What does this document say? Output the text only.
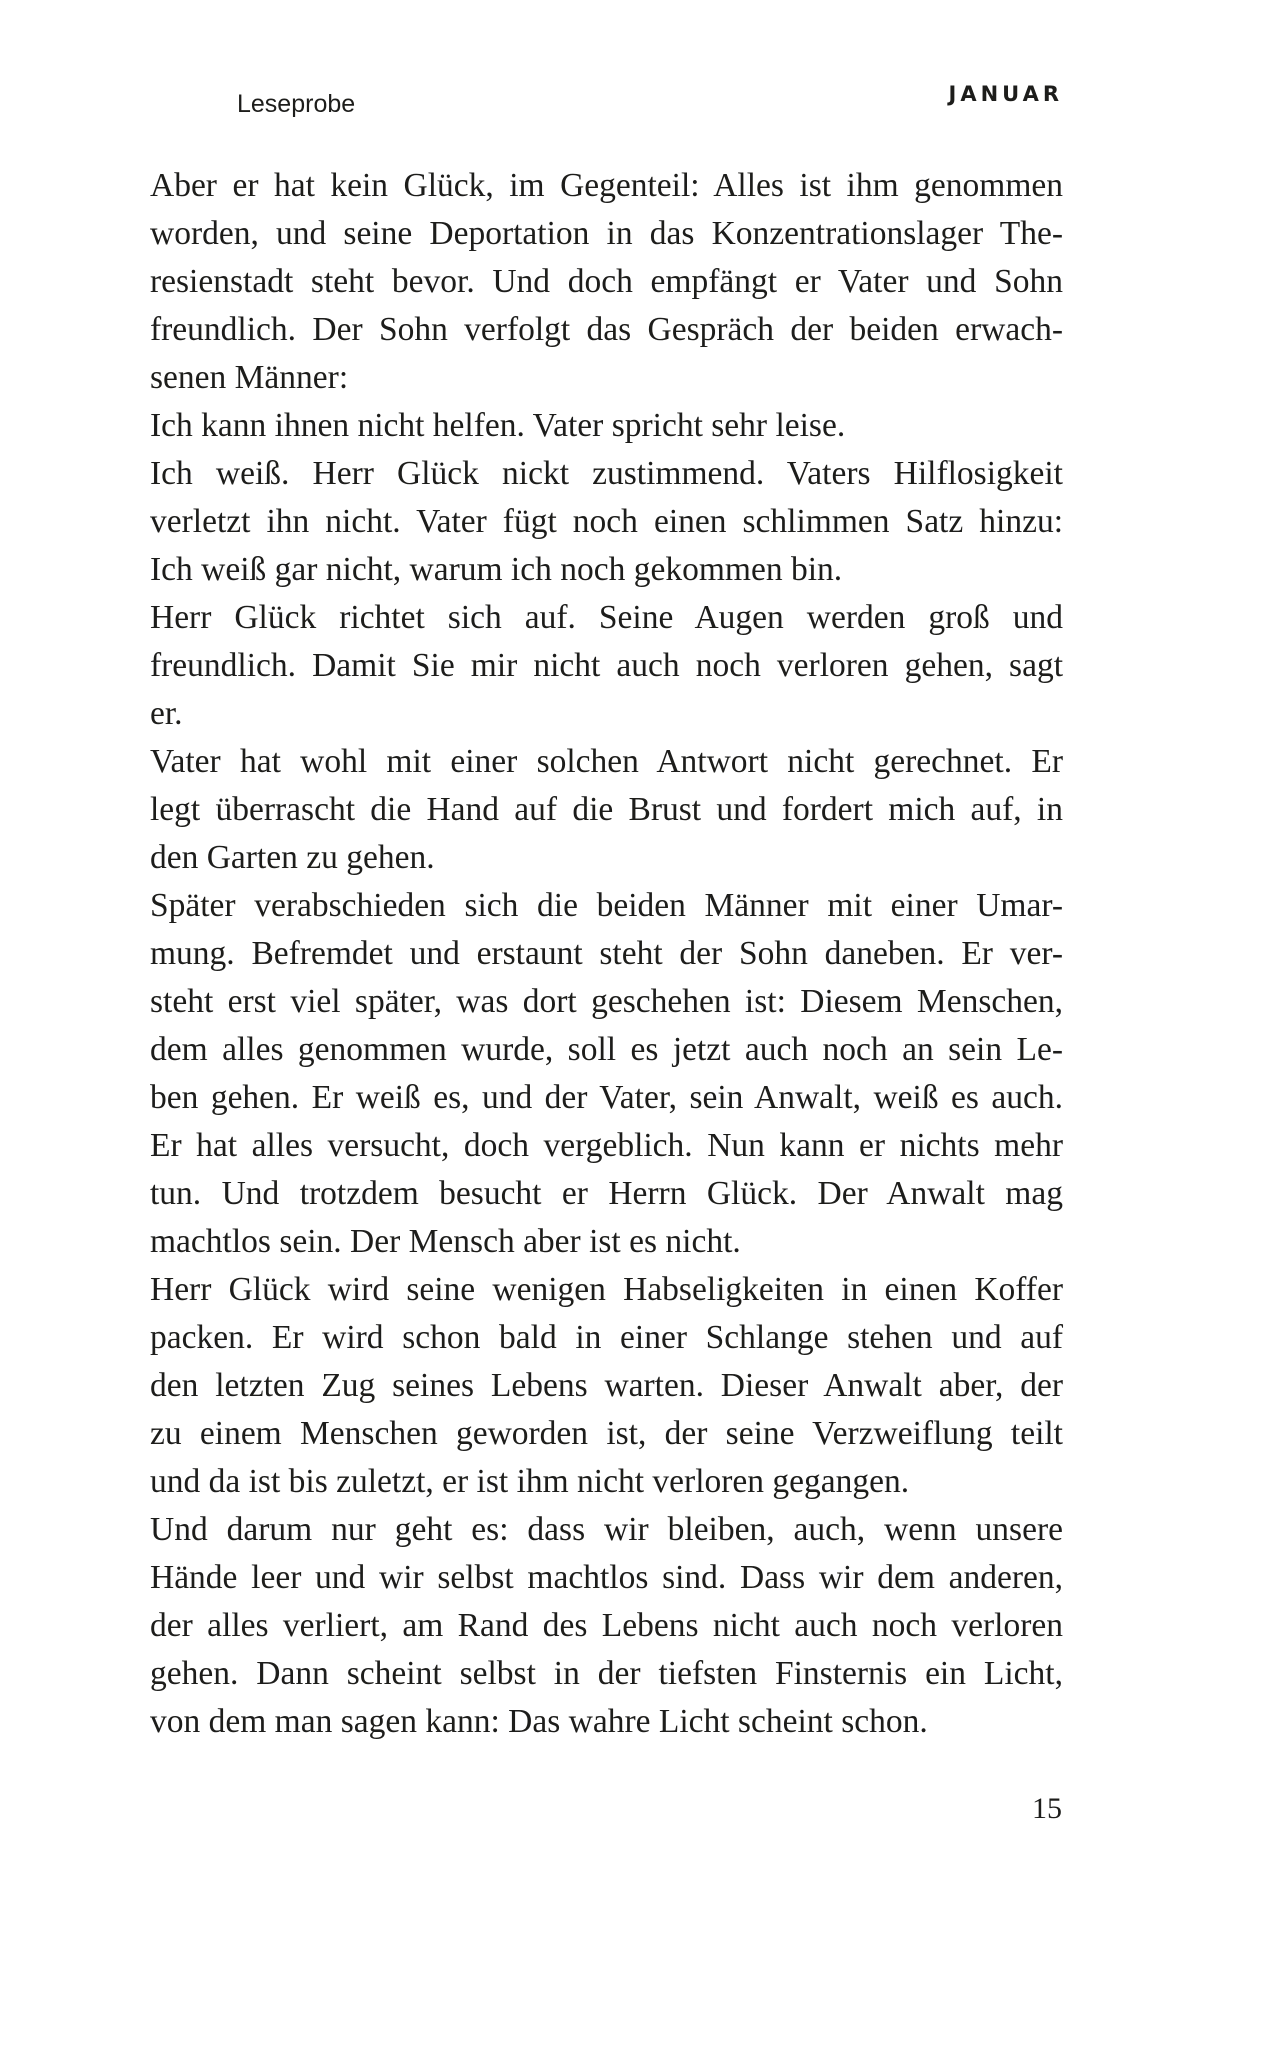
Leseprobe	JANUAR
Aber er hat kein Glück, im Gegenteil: Alles ist ihm genommen
worden, und seine Deportation in das Konzentrationslager The-
resienstadt steht bevor. Und doch empfängt er Vater und Sohn
freundlich. Der Sohn verfolgt das Gespräch der beiden erwach-
senen Männer:
Ich kann ihnen nicht helfen. Vater spricht sehr leise.
Ich weiß. Herr Glück nickt zustimmend. Vaters Hilflosigkeit
verletzt ihn nicht. Vater fügt noch einen schlimmen Satz hinzu:
Ich weiß gar nicht, warum ich noch gekommen bin.
Herr Glück richtet sich auf. Seine Augen werden groß und
freundlich. Damit Sie mir nicht auch noch verloren gehen, sagt
er.
Vater hat wohl mit einer solchen Antwort nicht gerechnet. Er
legt überrascht die Hand auf die Brust und fordert mich auf, in
den Garten zu gehen.
Später verabschieden sich die beiden Männer mit einer Umar-
mung. Befremdet und erstaunt steht der Sohn daneben. Er ver-
steht erst viel später, was dort geschehen ist: Diesem Menschen,
dem alles genommen wurde, soll es jetzt auch noch an sein Le-
ben gehen. Er weiß es, und der Vater, sein Anwalt, weiß es auch.
Er hat alles versucht, doch vergeblich. Nun kann er nichts mehr
tun. Und trotzdem besucht er Herrn Glück. Der Anwalt mag
machtlos sein. Der Mensch aber ist es nicht.
Herr Glück wird seine wenigen Habseligkeiten in einen Koffer
packen. Er wird schon bald in einer Schlange stehen und auf
den letzten Zug seines Lebens warten. Dieser Anwalt aber, der
zu einem Menschen geworden ist, der seine Verzweiflung teilt
und da ist bis zuletzt, er ist ihm nicht verloren gegangen.
Und darum nur geht es: dass wir bleiben, auch, wenn unsere
Hände leer und wir selbst machtlos sind. Dass wir dem anderen,
der alles verliert, am Rand des Lebens nicht auch noch verloren
gehen. Dann scheint selbst in der tiefsten Finsternis ein Licht,
von dem man sagen kann: Das wahre Licht scheint schon.
15
